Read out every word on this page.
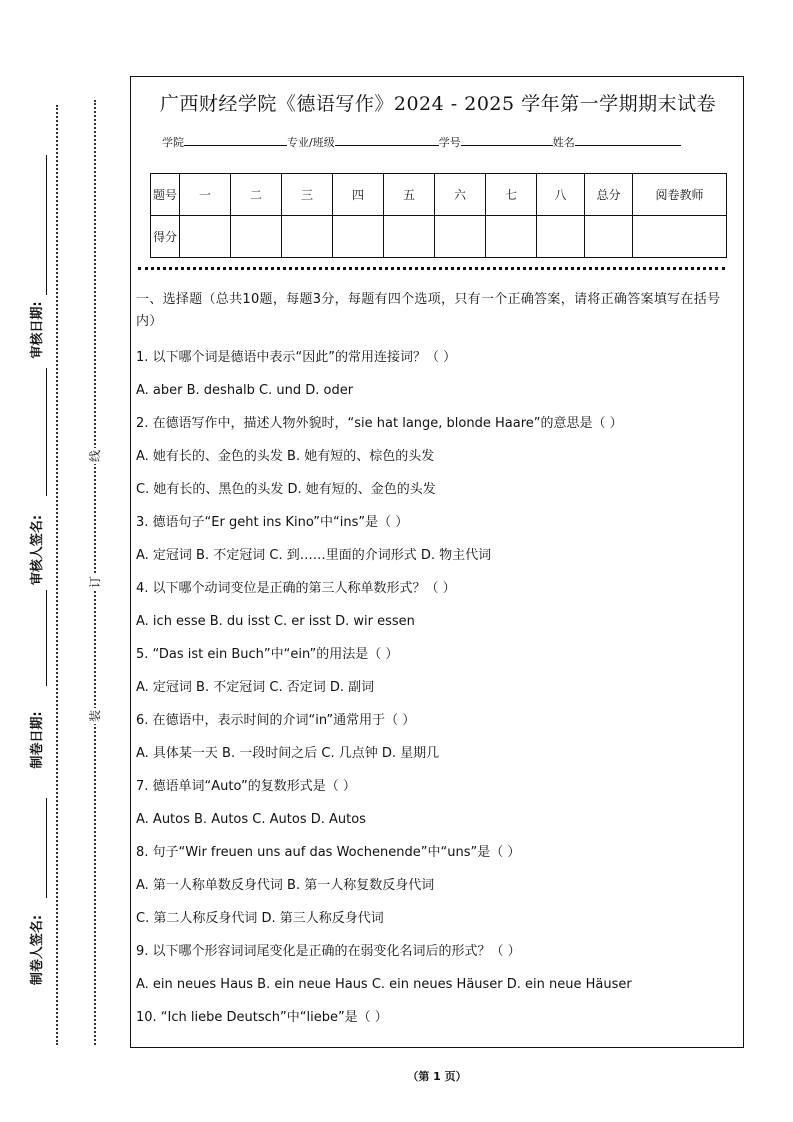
审核日期:
审核人签名:
制卷日期:
制卷人签名:
线
订
装
广西财经学院《德语写作》2024 - 2025 学年第一学期期末试卷
学院	专业/班级	学号	姓名
题号	一	二	三	四	五	六	七	八	总分	阅卷教师
得分										
一、选择题（总共10题，每题3分，每题有四个选项，只有一个正确答案，请将正确答案填写在括号内）
1. 以下哪个词是德语中表示“因此”的常用连接词？（ ）
A. aber B. deshalb C. und D. oder
2. 在德语写作中，描述人物外貌时，“sie hat lange, blonde Haare”的意思是（ ）
A. 她有长的、金色的头发 B. 她有短的、棕色的头发
C. 她有长的、黑色的头发 D. 她有短的、金色的头发
3. 德语句子“Er geht ins Kino”中“ins”是（ ）
A. 定冠词 B. 不定冠词 C. 到……里面的介词形式 D. 物主代词
4. 以下哪个动词变位是正确的第三人称单数形式？（ ）
A. ich esse B. du isst C. er isst D. wir essen
5. “Das ist ein Buch”中“ein”的用法是（ ）
A. 定冠词 B. 不定冠词 C. 否定词 D. 副词
6. 在德语中，表示时间的介词“in”通常用于（ ）
A. 具体某一天 B. 一段时间之后 C. 几点钟 D. 星期几
7. 德语单词“Auto”的复数形式是（ ）
A. Autos B. Autos C. Autos D. Autos
8. 句子“Wir freuen uns auf das Wochenende”中“uns”是（ ）
A. 第一人称单数反身代词 B. 第一人称复数反身代词
C. 第二人称反身代词 D. 第三人称反身代词
9. 以下哪个形容词词尾变化是正确的在弱变化名词后的形式？（ ）
A. ein neues Haus B. ein neue Haus C. ein neues Häuser D. ein neue Häuser
10. “Ich liebe Deutsch”中“liebe”是（ ）
（第 1 页）
